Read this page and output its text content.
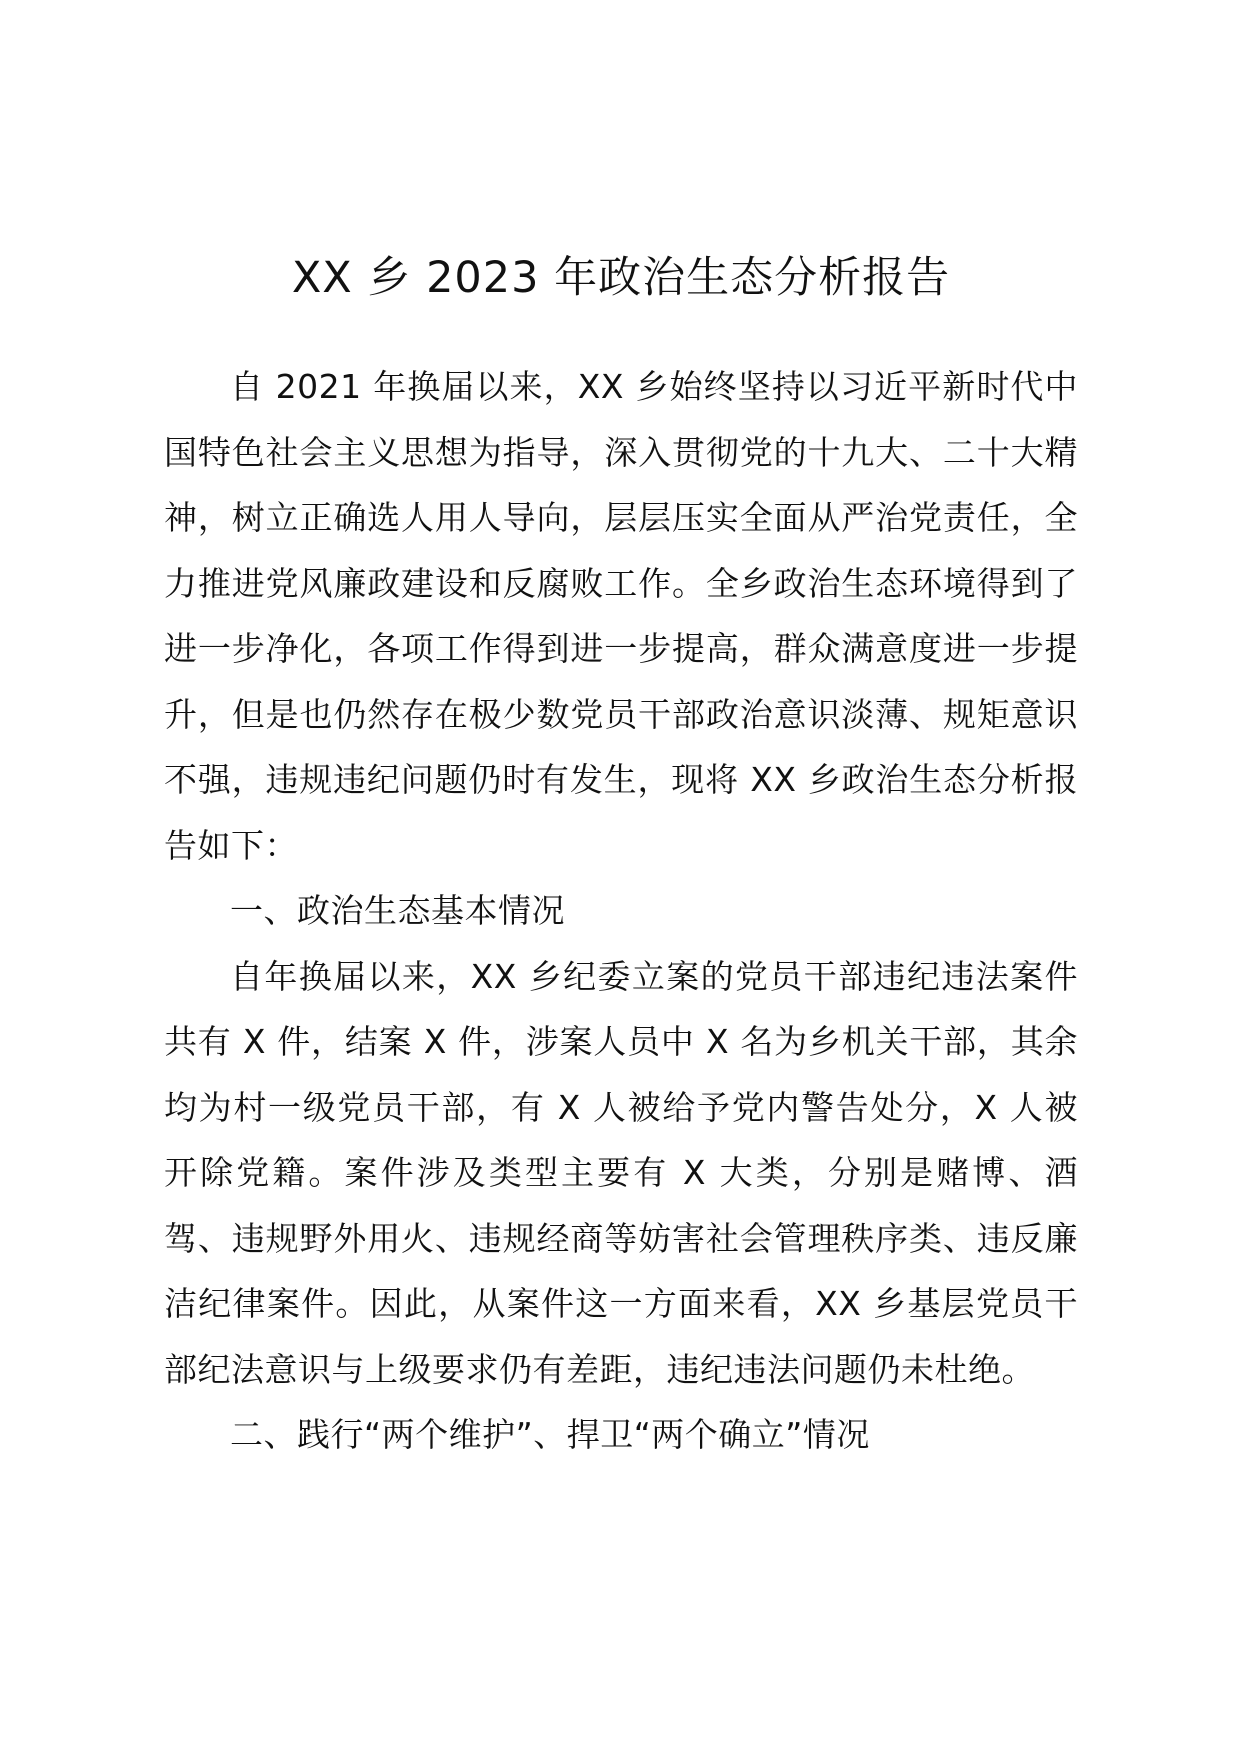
XX 乡 2023 年政治生态分析报告

自 2021 年换届以来，XX 乡始终坚持以习近平新时代中国特色社会主义思想为指导，深入贯彻党的十九大、二十大精神，树立正确选人用人导向，层层压实全面从严治党责任，全力推进党风廉政建设和反腐败工作。全乡政治生态环境得到了进一步净化，各项工作得到进一步提高，群众满意度进一步提升，但是也仍然存在极少数党员干部政治意识淡薄、规矩意识不强，违规违纪问题仍时有发生，现将 XX 乡政治生态分析报告如下：

一、政治生态基本情况

自年换届以来，XX 乡纪委立案的党员干部违纪违法案件共有 X 件，结案 X 件，涉案人员中 X 名为乡机关干部，其余均为村一级党员干部，有 X 人被给予党内警告处分，X 人被开除党籍。案件涉及类型主要有 X 大类，分别是赌博、酒驾、违规野外用火、违规经商等妨害社会管理秩序类、违反廉洁纪律案件。因此，从案件这一方面来看，XX 乡基层党员干部纪法意识与上级要求仍有差距，违纪违法问题仍未杜绝。

二、践行“两个维护”、捍卫“两个确立”情况
